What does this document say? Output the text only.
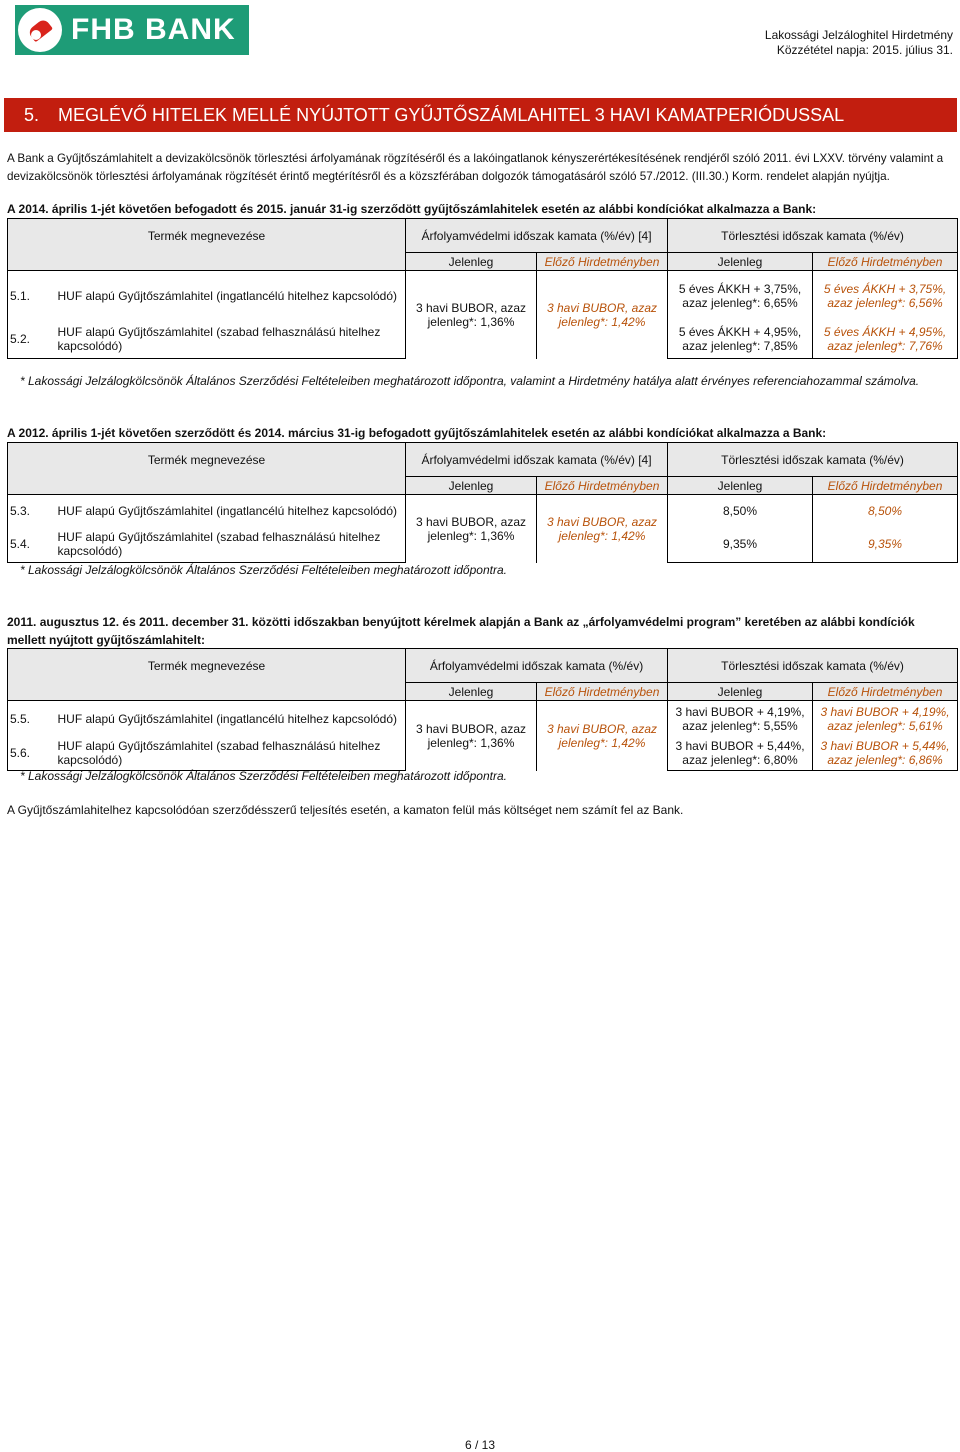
FHB BANK	Lakossági Jelzáloghitel Hirdetmény
Közzététel napja: 2015. július 31.
5. MEGLÉVŐ HITELEK MELLÉ NYÚJTOTT GYŰJTŐSZÁMLAHITEL 3 HAVI KAMATPERIÓDUSSAL
A Bank a Gyűjtőszámlahitelt a devizakölcsönök törlesztési árfolyamának rögzítéséről és a lakóingatlanok kényszerértékesítésének rendjéről szóló 2011. évi LXXV. törvény valamint a devizakölcsönök törlesztési árfolyamának rögzítését érintő megtérítésről és a közszférában dolgozók támogatásáról szóló 57./2012. (III.30.) Korm. rendelet alapján nyújtja.
A 2014. április 1-jét követően befogadott és 2015. január 31-ig szerződött gyűjtőszámlahitelek esetén az alábbi kondíciókat alkalmazza a Bank:
Termék megnevezése		Árfolyamvédelmi időszak kamata (%/év) [4]		Törlesztési időszak kamata (%/év)	
		Jelenleg	Előző Hirdetményben	Jelenleg	Előző Hirdetményben
5.1.	HUF alapú Gyűjtőszámlahitel (ingatlancélú hitelhez kapcsolódó)	3 havi BUBOR, azaz jelenleg*: 1,36%	3 havi BUBOR, azaz jelenleg*: 1,42%	5 éves ÁKKH + 3,75%, azaz jelenleg*: 6,65%	5 éves ÁKKH + 3,75%, azaz jelenleg*: 6,56%
5.2.	HUF alapú Gyűjtőszámlahitel (szabad felhasználású hitelhez kapcsolódó)			5 éves ÁKKH + 4,95%, azaz jelenleg*: 7,85%	5 éves ÁKKH + 4,95%, azaz jelenleg*: 7,76%
* Lakossági Jelzálogkölcsönök Általános Szerződési Feltételeiben meghatározott időpontra, valamint a Hirdetmény hatálya alatt érvényes referenciahozammal számolva.
A 2012. április 1-jét követően szerződött és 2014. március 31-ig befogadott gyűjtőszámlahitelek esetén az alábbi kondíciókat alkalmazza a Bank:
Termék megnevezése		Árfolyamvédelmi időszak kamata (%/év) [4]		Törlesztési időszak kamata (%/év)	
		Jelenleg	Előző Hirdetményben	Jelenleg	Előző Hirdetményben
5.3.	HUF alapú Gyűjtőszámlahitel (ingatlancélú hitelhez kapcsolódó)	3 havi BUBOR, azaz jelenleg*: 1,36%	3 havi BUBOR, azaz jelenleg*: 1,42%	8,50%	8,50%
5.4.	HUF alapú Gyűjtőszámlahitel (szabad felhasználású hitelhez kapcsolódó)			9,35%	9,35%
* Lakossági Jelzálogkölcsönök Általános Szerződési Feltételeiben meghatározott időpontra.
2011. augusztus 12. és 2011. december 31. közötti időszakban benyújtott kérelmek alapján a Bank az „árfolyamvédelmi program” keretében az alábbi kondíciók mellett nyújtott gyűjtőszámlahitelt:
Termék megnevezése		Árfolyamvédelmi időszak kamata (%/év)		Törlesztési időszak kamata (%/év)	
		Jelenleg	Előző Hirdetményben	Jelenleg	Előző Hirdetményben
5.5.	HUF alapú Gyűjtőszámlahitel (ingatlancélú hitelhez kapcsolódó)	3 havi BUBOR, azaz jelenleg*: 1,36%	3 havi BUBOR, azaz jelenleg*: 1,42%	3 havi BUBOR + 4,19%, azaz jelenleg*: 5,55%	3 havi BUBOR + 4,19%, azaz jelenleg*: 5,61%
5.6.	HUF alapú Gyűjtőszámlahitel (szabad felhasználású hitelhez kapcsolódó)			3 havi BUBOR + 5,44%, azaz jelenleg*: 6,80%	3 havi BUBOR + 5,44%, azaz jelenleg*: 6,86%
* Lakossági Jelzálogkölcsönök Általános Szerződési Feltételeiben meghatározott időpontra.
A Gyűjtőszámlahitelhez kapcsolódóan szerződésszerű teljesítés esetén, a kamaton felül más költséget nem számít fel az Bank.
6 / 13
